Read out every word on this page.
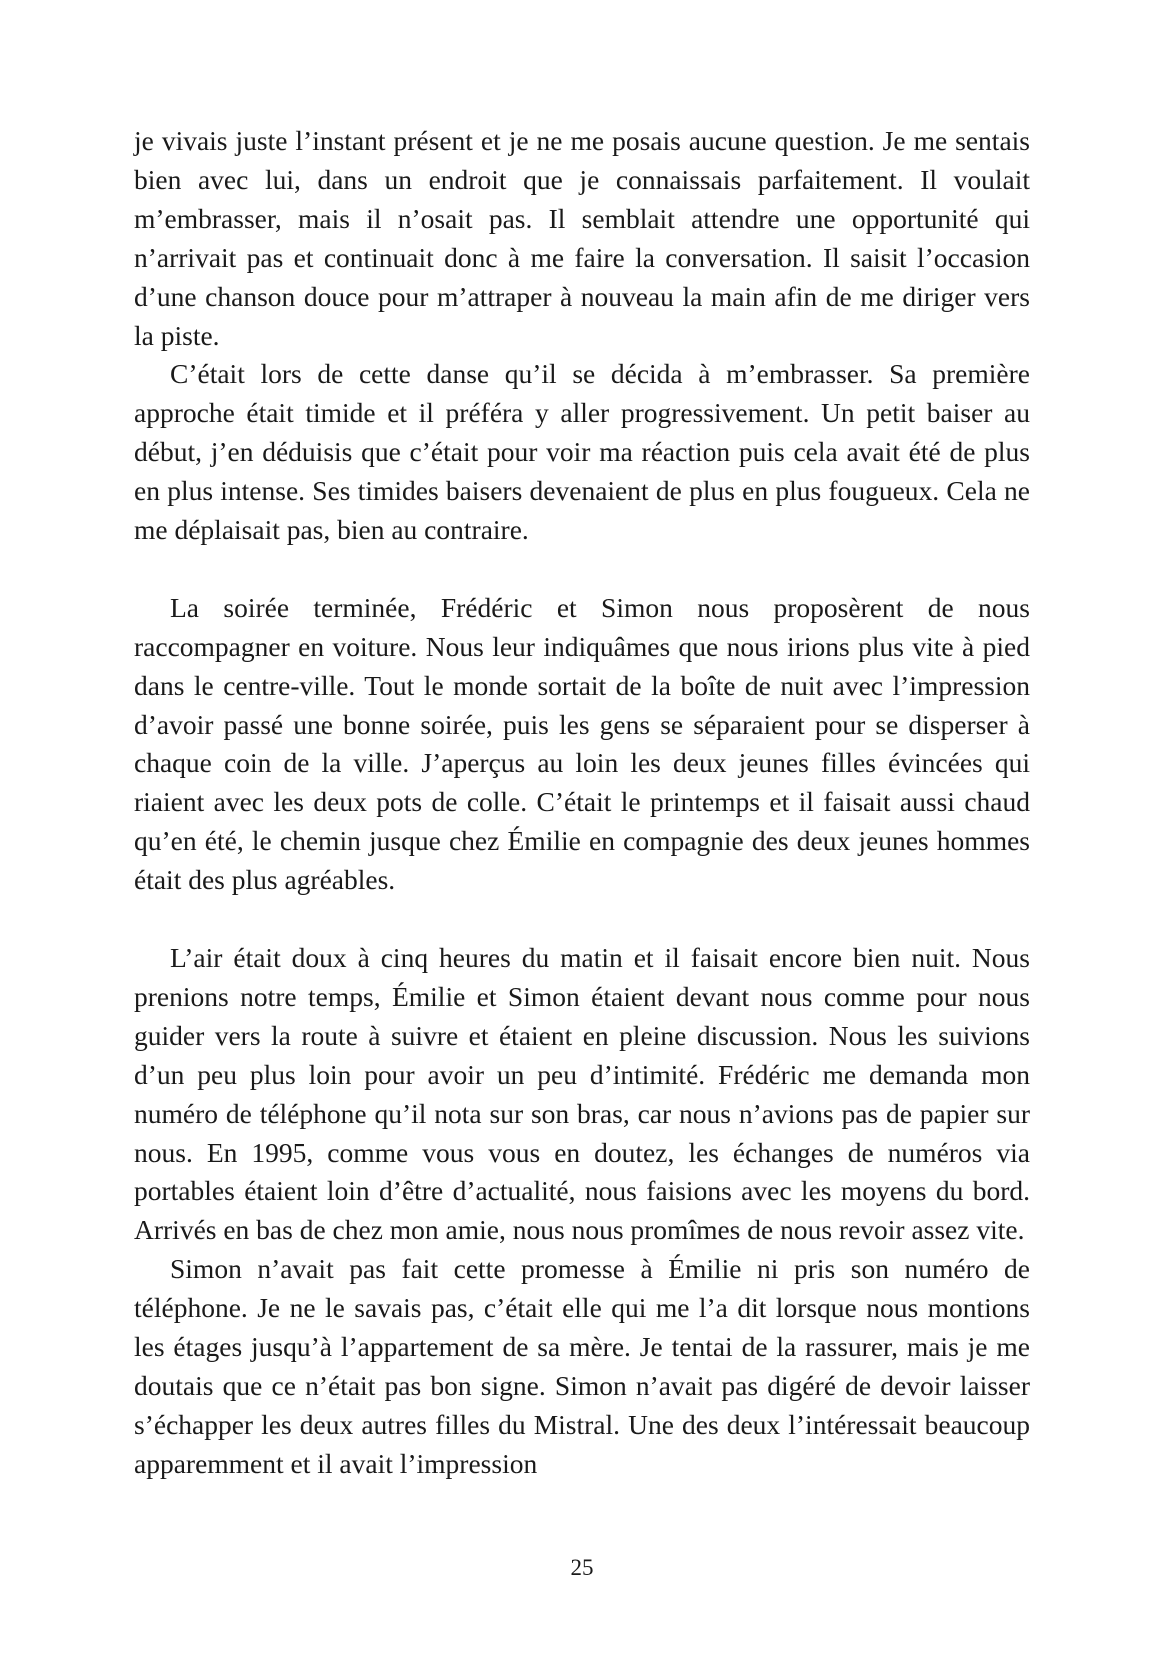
je vivais juste l’instant présent et je ne me posais aucune question. Je me sentais bien avec lui, dans un endroit que je connaissais parfaitement. Il voulait m’embrasser, mais il n’osait pas. Il semblait attendre une opportunité qui n’arrivait pas et continuait donc à me faire la conversation. Il saisit l’occasion d’une chanson douce pour m’attraper à nouveau la main afin de me diriger vers la piste.

C’était lors de cette danse qu’il se décida à m’embrasser. Sa première approche était timide et il préféra y aller progressivement. Un petit baiser au début, j’en déduisis que c’était pour voir ma réaction puis cela avait été de plus en plus intense. Ses timides baisers devenaient de plus en plus fougueux. Cela ne me déplaisait pas, bien au contraire.

La soirée terminée, Frédéric et Simon nous proposèrent de nous raccompagner en voiture. Nous leur indiquâmes que nous irions plus vite à pied dans le centre-ville. Tout le monde sortait de la boîte de nuit avec l’impression d’avoir passé une bonne soirée, puis les gens se séparaient pour se disperser à chaque coin de la ville. J’aperçus au loin les deux jeunes filles évincées qui riaient avec les deux pots de colle. C’était le printemps et il faisait aussi chaud qu’en été, le chemin jusque chez Émilie en compagnie des deux jeunes hommes était des plus agréables.

L’air était doux à cinq heures du matin et il faisait encore bien nuit. Nous prenions notre temps, Émilie et Simon étaient devant nous comme pour nous guider vers la route à suivre et étaient en pleine discussion. Nous les suivions d’un peu plus loin pour avoir un peu d’intimité. Frédéric me demanda mon numéro de téléphone qu’il nota sur son bras, car nous n’avions pas de papier sur nous. En 1995, comme vous vous en doutez, les échanges de numéros via portables étaient loin d’être d’actualité, nous faisions avec les moyens du bord. Arrivés en bas de chez mon amie, nous nous promîmes de nous revoir assez vite.

Simon n’avait pas fait cette promesse à Émilie ni pris son numéro de téléphone. Je ne le savais pas, c’était elle qui me l’a dit lorsque nous montions les étages jusqu’à l’appartement de sa mère. Je tentai de la rassurer, mais je me doutais que ce n’était pas bon signe. Simon n’avait pas digéré de devoir laisser s’échapper les deux autres filles du Mistral. Une des deux l’intéressait beaucoup apparemment et il avait l’impression

25
